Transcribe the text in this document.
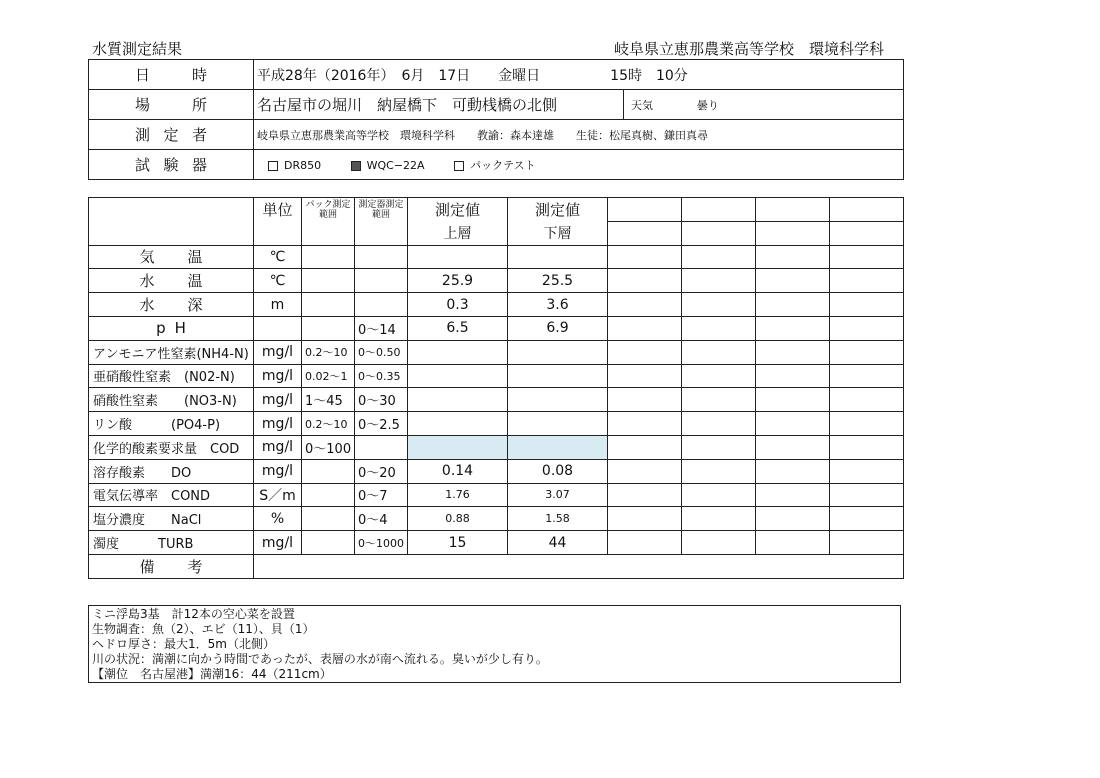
水質測定結果	岐阜県立恵那農業高等学校　環境科学科
日　時	平成28年（2016年）　6月　17日　　金曜日　　　　　15時　10分	
場　所	名古屋市の堀川　納屋橋下　可動桟橋の北側	天気 曇り
測定者	岐阜県立恵那農業高等学校　環境科学科　　教諭：森本達雄　　生徒：松尾真樹、鎌田真尋	
試験器	DR850 WQC−22A パックテスト	
	単位	パック測定範囲	測定器測定範囲	測定値	測定値				
				上層	下層				
気　温	℃								
水　温	℃			25.9	25.5				
水　深	m			0.3	3.6				
pH			0〜14	6.5	6.9				
アンモニア性窒素(NH4-N)	mg/l	0.2〜10	0〜0.50						
亜硝酸性窒素　(N02-N)	mg/l	0.02〜1	0〜0.35						
硝酸性窒素　　(NO3-N)	mg/l	1〜45	0〜30						
リン酸　　　(PO4-P)	mg/l	0.2〜10	0〜2.5						
化学的酸素要求量　COD	mg/l	0〜100							
溶存酸素　　DO	mg/l		0〜20	0.14	0.08				
電気伝導率　COND	S／m		0〜7	1.76	3.07				
塩分濃度　　NaCl	%		0〜4	0.88	1.58				
濁度　　　TURB	mg/l		0〜1000	15	44				
備　考									
ミニ浮島3基　計12本の空心菜を設置
生物調査：魚（2）、エビ（11）、貝（1）
ヘドロ厚さ：最大1．5m（北側）
川の状況：満潮に向かう時間であったが、表層の水が南へ流れる。臭いが少し有り。
【潮位　名古屋港】満潮16：44（211cm）
